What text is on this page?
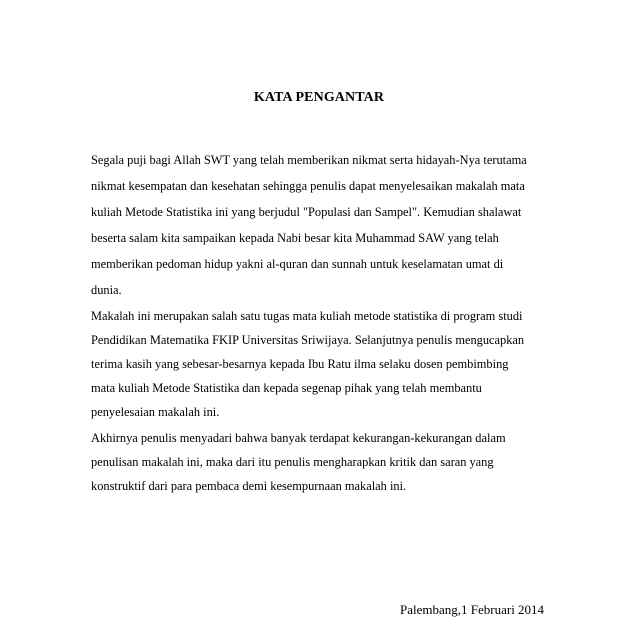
KATA PENGANTAR
Segala puji bagi Allah SWT yang telah memberikan nikmat serta hidayah-Nya terutama
nikmat kesempatan dan kesehatan sehingga penulis dapat menyelesaikan makalah mata
kuliah Metode Statistika ini yang berjudul "Populasi dan Sampel". Kemudian shalawat
beserta salam kita sampaikan kepada Nabi besar kita Muhammad SAW yang telah
memberikan pedoman hidup yakni al-quran dan sunnah untuk keselamatan umat di
dunia.
Makalah ini merupakan salah satu tugas mata kuliah metode statistika di program studi
Pendidikan Matematika FKIP Universitas Sriwijaya. Selanjutnya penulis mengucapkan
terima kasih yang sebesar-besarnya kepada Ibu Ratu ilma selaku dosen pembimbing
mata kuliah Metode Statistika dan kepada segenap pihak yang telah membantu
penyelesaian makalah ini.
Akhirnya penulis menyadari bahwa banyak terdapat kekurangan-kekurangan dalam
penulisan makalah ini, maka dari itu penulis mengharapkan kritik dan saran yang
konstruktif dari para pembaca demi kesempurnaan makalah ini.
Palembang,1 Februari 2014
